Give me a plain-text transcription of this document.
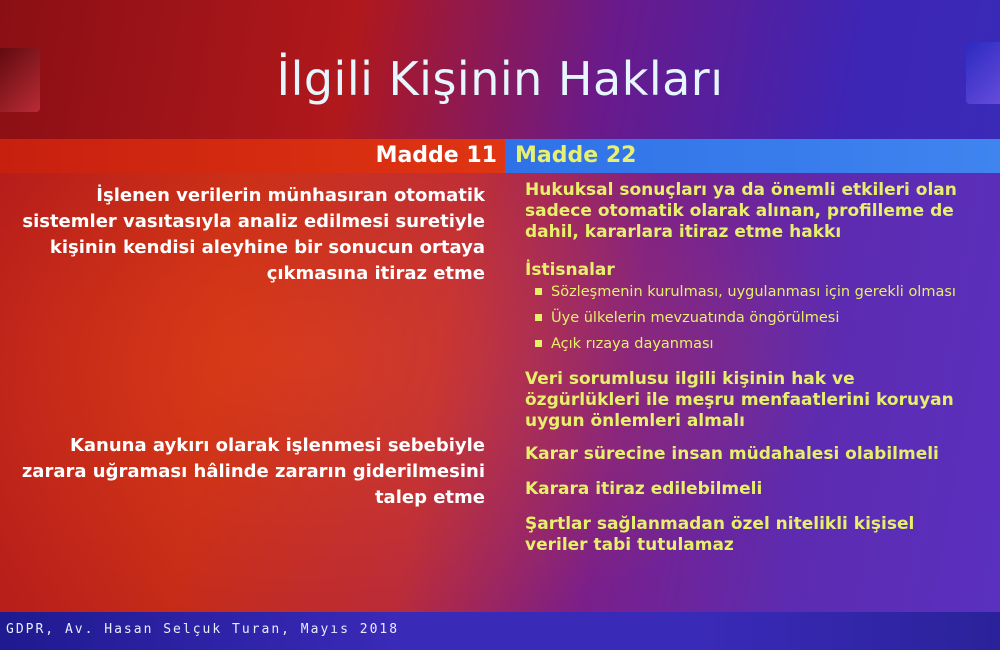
İlgili Kişinin Hakları
Madde 11 Madde 22
İşlenen verilerin münhasıran otomatik sistemler vasıtasıyla analiz edilmesi suretiyle kişinin kendisi aleyhine bir sonucun ortaya çıkmasına itiraz etme
Kanuna aykırı olarak işlenmesi sebebiyle zarara uğraması hâlinde zararın giderilmesini talep etme

Hukuksal sonuçları ya da önemli etkileri olan sadece otomatik olarak alınan, profilleme de dahil, kararlara itiraz etme hakkı

İstisnalar

Sözleşmenin kurulması, uygulanması için gerekli olması
Üye ülkelerin mevzuatında öngörülmesi
Açık rızaya dayanması

Veri sorumlusu ilgili kişinin hak ve özgürlükleri ile meşru menfaatlerini koruyan uygun önlemleri almalı

Karar sürecine insan müdahalesi olabilmeli

Karara itiraz edilebilmeli

Şartlar sağlanmadan özel nitelikli kişisel veriler tabi tutulamaz

GDPR, Av. Hasan Selçuk Turan, Mayıs 2018
